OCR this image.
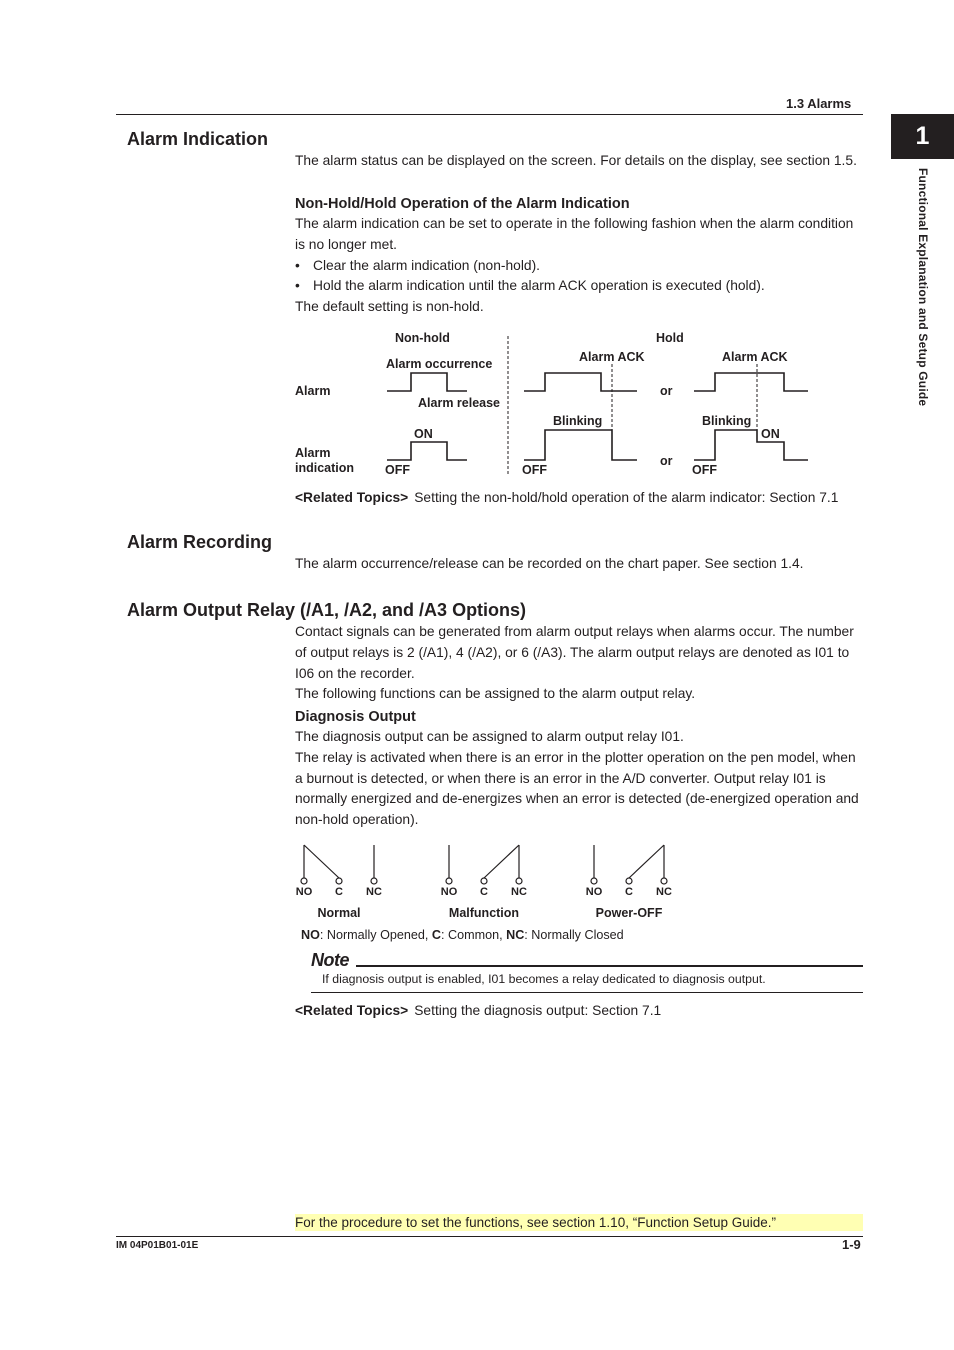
1.3 Alarms
1
Functional Explanation and Setup Guide
Alarm Indication
The alarm status can be displayed on the screen. For details on the display, see section 1.5.
Non-Hold/Hold Operation of the Alarm Indication

The alarm indication can be set to operate in the following fashion when the alarm condition is no longer met.

• Clear the alarm indication (non-hold).
• Hold the alarm indication until the alarm ACK operation is executed (hold).

The default setting is non-hold.

Non-hold	Hold
Alarm occurrence
Alarm release
Alarm
Alarm
indication
ON
OFF
Alarm ACK
Blinking
OFF
or
or
Alarm ACK
Blinking
ON
OFF
NO C NC	NO C NC	NO C NC
Normal	Malfunction	Power-OFF
<Related Topics> Setting the non-hold/hold operation of the alarm indicator: Section 7.1
Alarm Recording
The alarm occurrence/release can be recorded on the chart paper. See section 1.4.
Alarm Output Relay (/A1, /A2, and /A3 Options)

Contact signals can be generated from alarm output relays when alarms occur. The number of output relays is 2 (/A1), 4 (/A2), or 6 (/A3). The alarm output relays are denoted as I01 to I06 on the recorder.

The following functions can be assigned to the alarm output relay.

Diagnosis Output

The diagnosis output can be assigned to alarm output relay I01.

The relay is activated when there is an error in the plotter operation on the pen model, when a burnout is detected, or when there is an error in the A/D converter. Output relay I01 is normally energized and de-energizes when an error is detected (de-energized operation and non-hold operation).

NO: Normally Opened, C: Common, NC: Normally Closed
Note
If diagnosis output is enabled, I01 becomes a relay dedicated to diagnosis output.
<Related Topics> Setting the diagnosis output: Section 7.1
For the procedure to set the functions, see section 1.10, “Function Setup Guide.”
IM 04P01B01-01E	1-9
